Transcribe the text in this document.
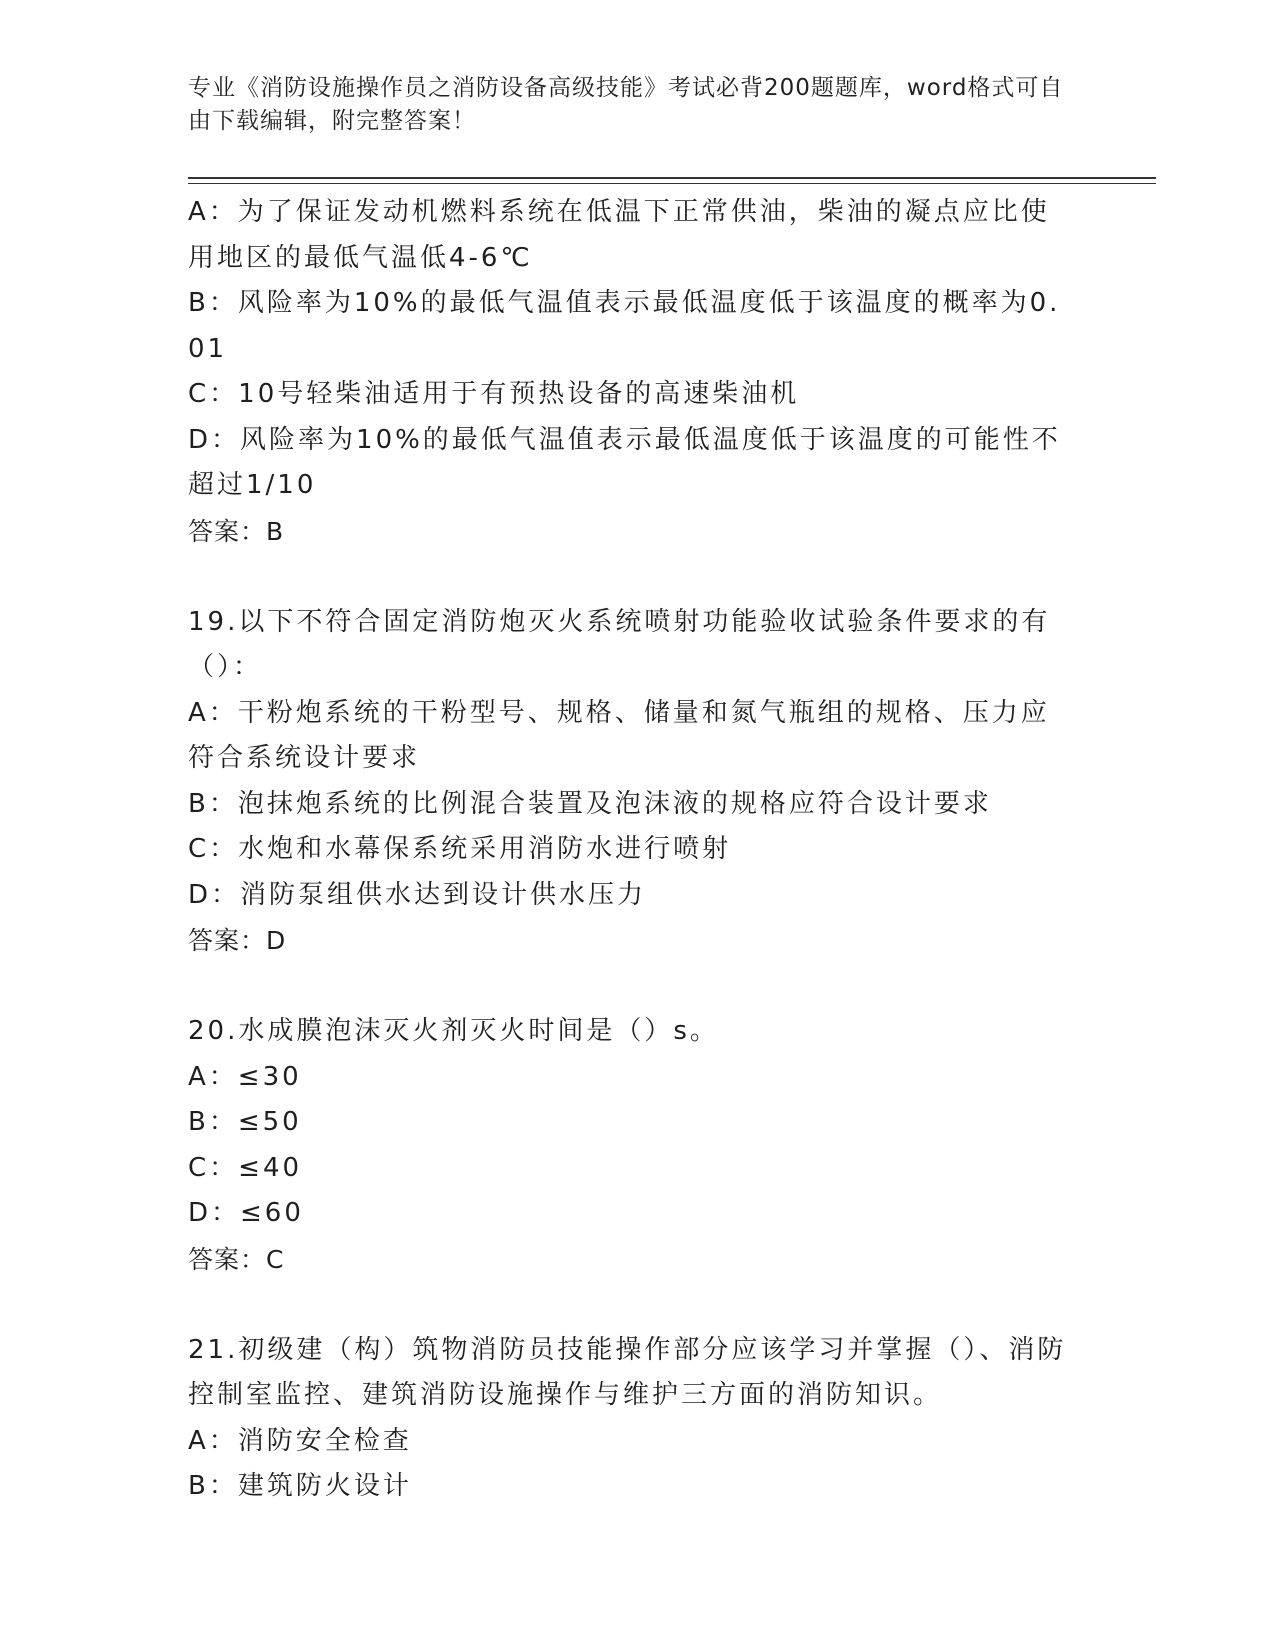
专业《消防设施操作员之消防设备高级技能》考试必背200题题库，word格式可自由下载编辑，附完整答案！

A：为了保证发动机燃料系统在低温下正常供油，柴油的凝点应比使用地区的最低气温低4-6℃

B：风险率为10%的最低气温值表示最低温度低于该温度的概率为0.01

C：10号轻柴油适用于有预热设备的高速柴油机

D：风险率为10%的最低气温值表示最低温度低于该温度的可能性不超过1/10

答案：B

19.以下不符合固定消防炮灭火系统喷射功能验收试验条件要求的有（）：

A：干粉炮系统的干粉型号、规格、储量和氮气瓶组的规格、压力应符合系统设计要求

B：泡抹炮系统的比例混合装置及泡沫液的规格应符合设计要求

C：水炮和水幕保系统采用消防水进行喷射

D：消防泵组供水达到设计供水压力

答案：D

20.水成膜泡沫灭火剂灭火时间是（）s。

A：≤30

B：≤50

C：≤40

D：≤60

答案：C

21.初级建（构）筑物消防员技能操作部分应该学习并掌握（）、消防控制室监控、建筑消防设施操作与维护三方面的消防知识。

A：消防安全检查

B：建筑防火设计
